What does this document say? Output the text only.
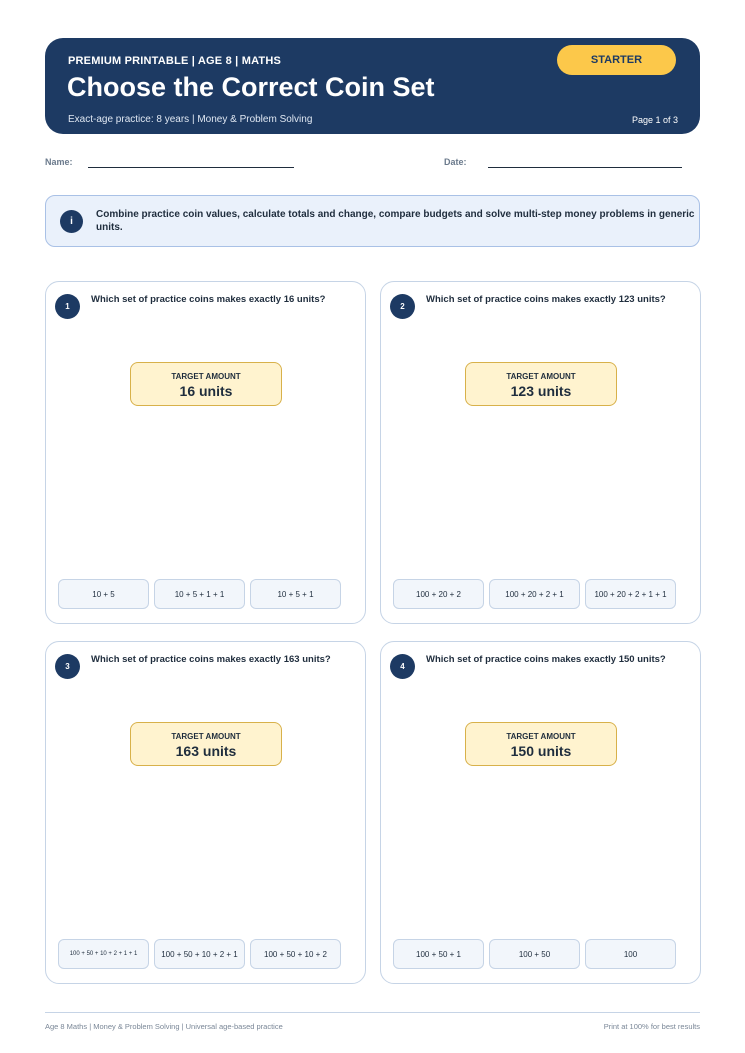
PREMIUM PRINTABLE | AGE 8 | MATHS
Choose the Correct Coin Set
Exact-age practice: 8 years | Money & Problem Solving	Page 1 of 3
STARTER
Name:	Date:
i
Combine practice coin values, calculate totals and change, compare budgets and solve multi-step money problems in generic units.
1
Which set of practice coins makes exactly 16 units?
TARGET AMOUNT
16 units
10 + 5	10 + 5 + 1 + 1	10 + 5 + 1
2
Which set of practice coins makes exactly 123 units?
TARGET AMOUNT
123 units
100 + 20 + 2	100 + 20 + 2 + 1	100 + 20 + 2 + 1 + 1
3
Which set of practice coins makes exactly 163 units?
TARGET AMOUNT
163 units
100 + 50 + 10 + 2 + 1 + 1	100 + 50 + 10 + 2 + 1	100 + 50 + 10 + 2
4
Which set of practice coins makes exactly 150 units?
TARGET AMOUNT
150 units
100 + 50 + 1	100 + 50	100
Age 8 Maths | Money & Problem Solving | Universal age-based practice	Print at 100% for best results
